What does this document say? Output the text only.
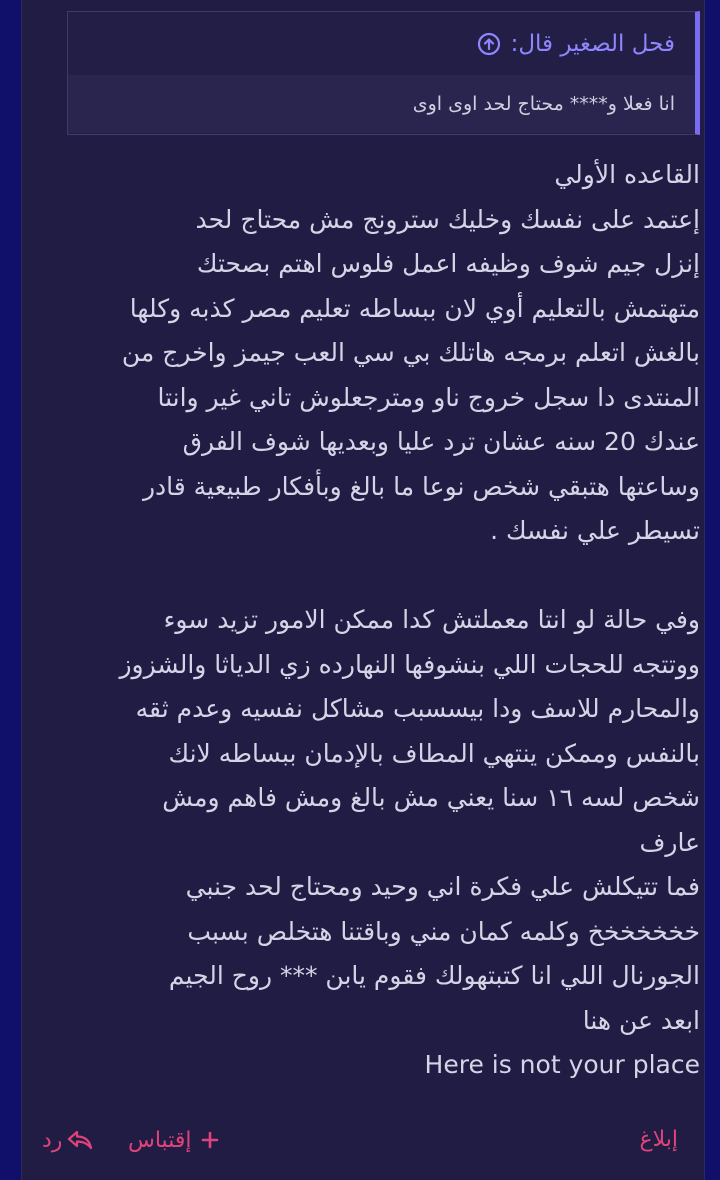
فحل الصغير قال:
انا فعلا و**** محتاج لحد اوى اوى
القاعده الأولي
إعتمد على نفسك وخليك سترونج مش محتاج لحد
إنزل جيم شوف وظيفه اعمل فلوس اهتم بصحتك
متهتمش بالتعليم أوي لان ببساطه تعليم مصر كذبه وكلها
بالغش اتعلم برمجه هاتلك بي سي العب جيمز واخرج من
المنتدى دا سجل خروج ناو ومترجعلوش تاني غير وانتا
عندك 20 سنه عشان ترد عليا وبعديها شوف الفرق
وساعتها هتبقي شخص نوعا ما بالغ وبأفكار طبيعية قادر
تسيطر علي نفسك .

وفي حالة لو انتا معملتش كدا ممكن الامور تزيد سوء
ووتتجه للحجات اللي بنشوفها النهارده زي الدياثا والشزوز
والمحارم للاسف ودا بيسسبب مشاكل نفسيه وعدم ثقه
بالنفس وممكن ينتهي المطاف بالإدمان ببساطه لانك
شخص لسه ١٦ سنا يعني مش بالغ ومش فاهم ومش
عارف
فما تتيكلش علي فكرة اني وحيد ومحتاج لحد جنبي
خخخخخخخ وكلمه كمان مني وباقتنا هتخلص بسبب
الجورنال اللي انا كتبتهولك فقوم يابن *** روح الجيم
ابعد عن هنا

Here is not your place
رد	إقتباس	إبلاغ
